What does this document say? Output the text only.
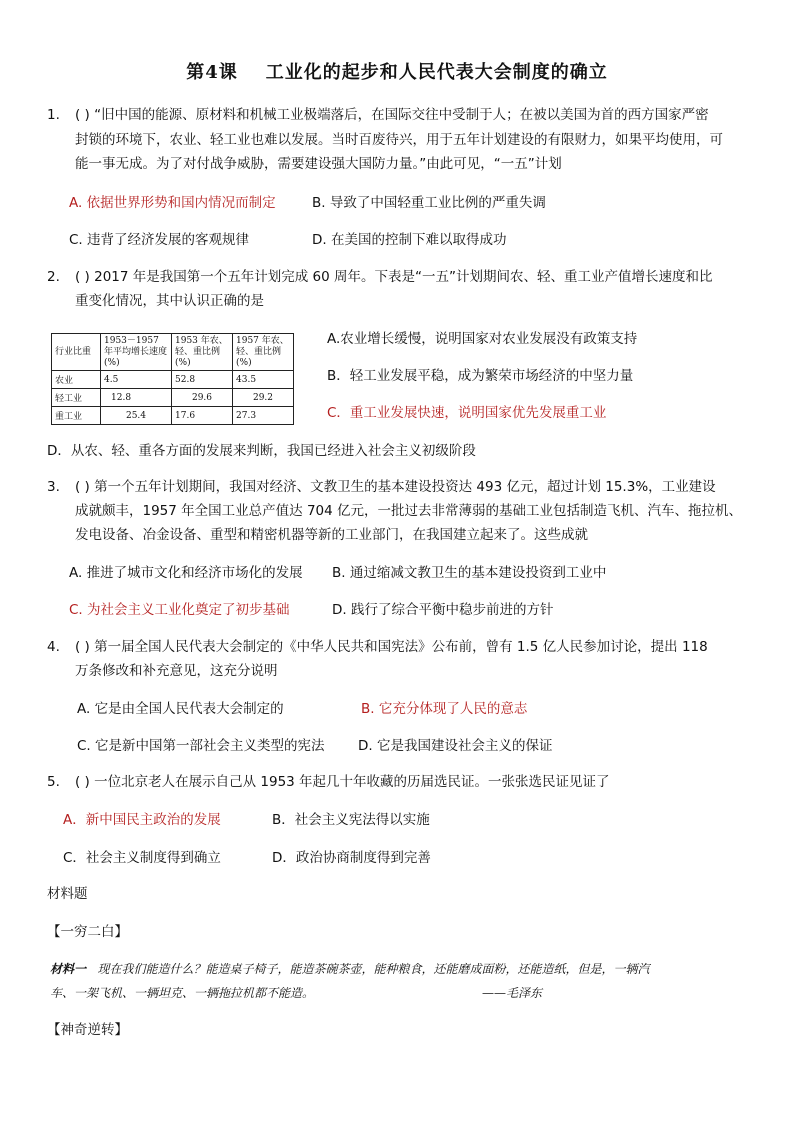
第4课 工业化的起步和人民代表大会制度的确立
1. ( ) “旧中国的能源、原材料和机械工业极端落后，在国际交往中受制于人；在被以美国为首的西方国家严密
封锁的环境下，农业、轻工业也难以发展。当时百废待兴，用于五年计划建设的有限财力，如果平均使用，可
能一事无成。为了对付战争威胁，需要建设强大国防力量。”由此可见，“一五”计划
A. 依据世界形势和国内情况而制定	B. 导致了中国轻重工业比例的严重失调
C. 违背了经济发展的客观规律	D. 在美国的控制下难以取得成功
2. ( ) 2017 年是我国第一个五年计划完成 60 周年。下表是“一五”计划期间农、轻、重工业产值增长速度和比
重变化情况，其中认识正确的是
行业比重	1953－1957 年平均增长速度(%)	1953 年农、轻、重比例(%)	1957 年农、轻、重比例(%)
农业	4.5	52.8	43.5
轻工业	12.8	29.6	29.2
重工业	25.4	17.6	27.3
A.农业增长缓慢，说明国家对农业发展没有政策支持
B．轻工业发展平稳，成为繁荣市场经济的中坚力量
C．重工业发展快速，说明国家优先发展重工业
D．从农、轻、重各方面的发展来判断，我国已经进入社会主义初级阶段
3. ( ) 第一个五年计划期间，我国对经济、文教卫生的基本建设投资达 493 亿元，超过计划 15.3%，工业建设
成就颇丰，1957 年全国工业总产值达 704 亿元，一批过去非常薄弱的基础工业包括制造飞机、汽车、拖拉机、
发电设备、冶金设备、重型和精密机器等新的工业部门，在我国建立起来了。这些成就
A. 推进了城市文化和经济市场化的发展 B. 通过缩减文教卫生的基本建设投资到工业中
C. 为社会主义工业化奠定了初步基础	D. 践行了综合平衡中稳步前进的方针
4. ( ) 第一届全国人民代表大会制定的《中华人民共和国宪法》公布前，曾有 1.5 亿人民参加讨论，提出 118
万条修改和补充意见，这充分说明
A. 它是由全国人民代表大会制定的	B. 它充分体现了人民的意志
C. 它是新中国第一部社会主义类型的宪法 D. 它是我国建设社会主义的保证
5. ( ) 一位北京老人在展示自己从 1953 年起几十年收藏的历届选民证。一张张选民证见证了
A．新中国民主政治的发展	B．社会主义宪法得以实施
C．社会主义制度得到确立	D．政治协商制度得到完善
材料题
【一穷二白】
材料一 现在我们能造什么？能造桌子椅子，能造茶碗茶壶，能种粮食，还能磨成面粉，还能造纸，但是，一辆汽
车、一架飞机、一辆坦克、一辆拖拉机都不能造。	——毛泽东
【神奇逆转】
